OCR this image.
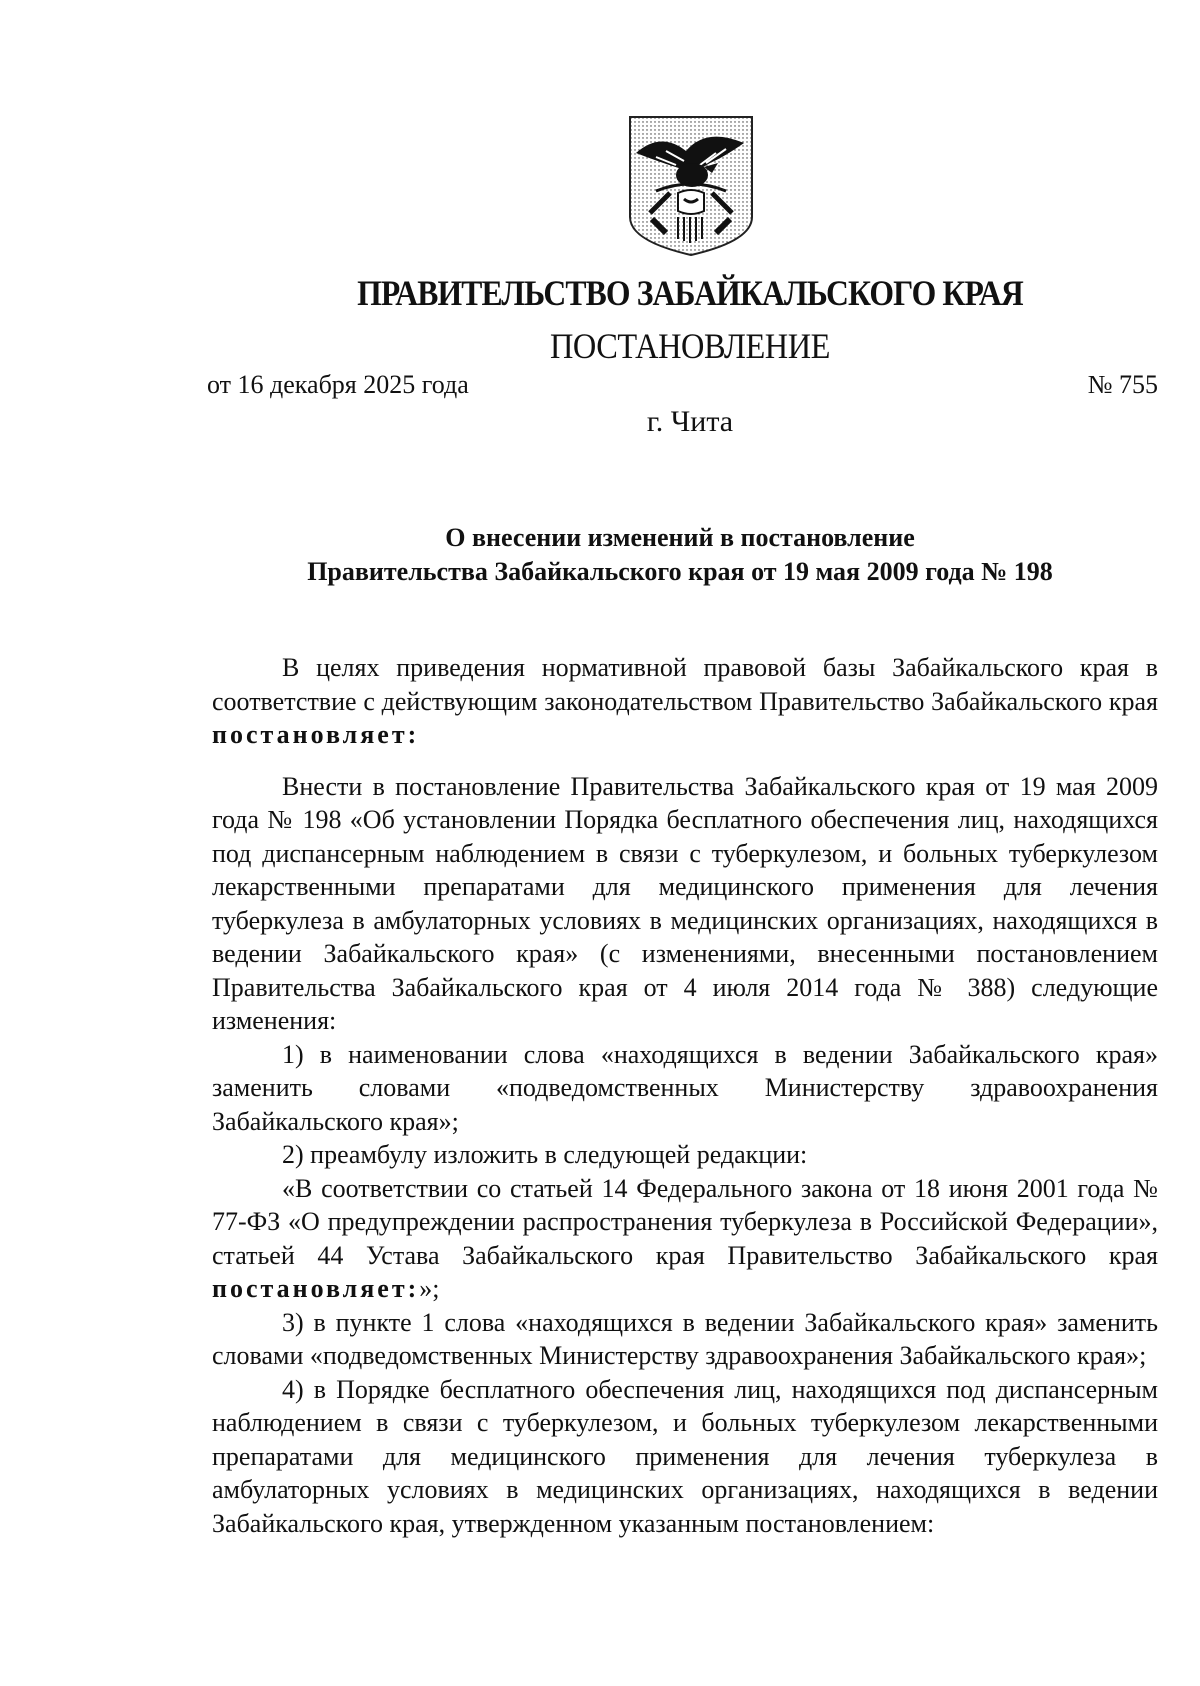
ПРАВИТЕЛЬСТВО ЗАБАЙКАЛЬСКОГО КРАЯ
ПОСТАНОВЛЕНИЕ
от 16 декабря 2025 года	№ 755
г. Чита
О внесении изменений в постановление
Правительства Забайкальского края от 19 мая 2009 года № 198

В целях приведения нормативной правовой базы Забайкальского края в соответствие с действующим законодательством Правительство Забайкальского края постановляет:

Внести в постановление Правительства Забайкальского края от 19 мая 2009 года № 198 «Об установлении Порядка бесплатного обеспечения лиц, находящихся под диспансерным наблюдением в связи с туберкулезом, и больных туберкулезом лекарственными препаратами для медицинского применения для лечения туберкулеза в амбулаторных условиях в медицинских организациях, находящихся в ведении Забайкальского края» (с изменениями, внесенными постановлением Правительства Забайкальского края от 4 июля 2014 года № 388) следующие изменения:

1) в наименовании слова «находящихся в ведении Забайкальского края» заменить словами «подведомственных Министерству здравоохранения Забайкальского края»;

2) преамбулу изложить в следующей редакции:

«В соответствии со статьей 14 Федерального закона от 18 июня 2001 года № 77-ФЗ «О предупреждении распространения туберкулеза в Российской Федерации», статьей 44 Устава Забайкальского края Правительство Забайкальского края постановляет:»;

3) в пункте 1 слова «находящихся в ведении Забайкальского края» заменить словами «подведомственных Министерству здравоохранения Забайкальского края»;

4) в Порядке бесплатного обеспечения лиц, находящихся под диспансерным наблюдением в связи с туберкулезом, и больных туберкулезом лекарственными препаратами для медицинского применения для лечения туберкулеза в амбулаторных условиях в медицинских организациях, находящихся в ведении Забайкальского края, утвержденном указанным постановлением:
